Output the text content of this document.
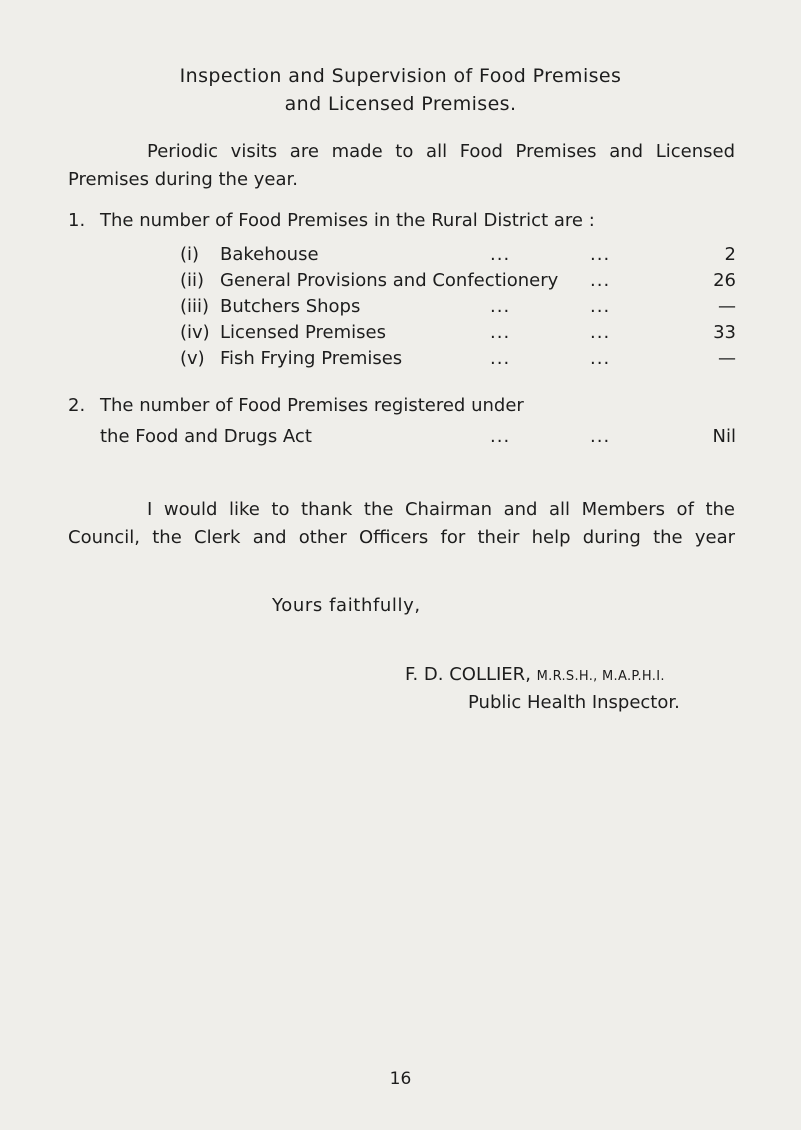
Inspection and Supervision of Food Premises
and Licensed Premises.
Periodic visits are made to all Food Premises and Licensed
Premises during the year.
1. The number of Food Premises in the Rural District are :
(i) Bakehouse	...	...	2
(ii) General Provisions and Confectionery ...	26
(iii) Butchers Shops	...	...	—
(iv) Licensed Premises	...	...	33
(v) Fish Frying Premises	...	...	—
2. The number of Food Premises registered under
the Food and Drugs Act	...	...	Nil
I would like to thank the Chairman and all Members of the
Council, the Clerk and other Officers for their help during the year
Yours faithfully,
F. D. COLLIER, M.R.S.H., M.A.P.H.I.
Public Health Inspector.
16
